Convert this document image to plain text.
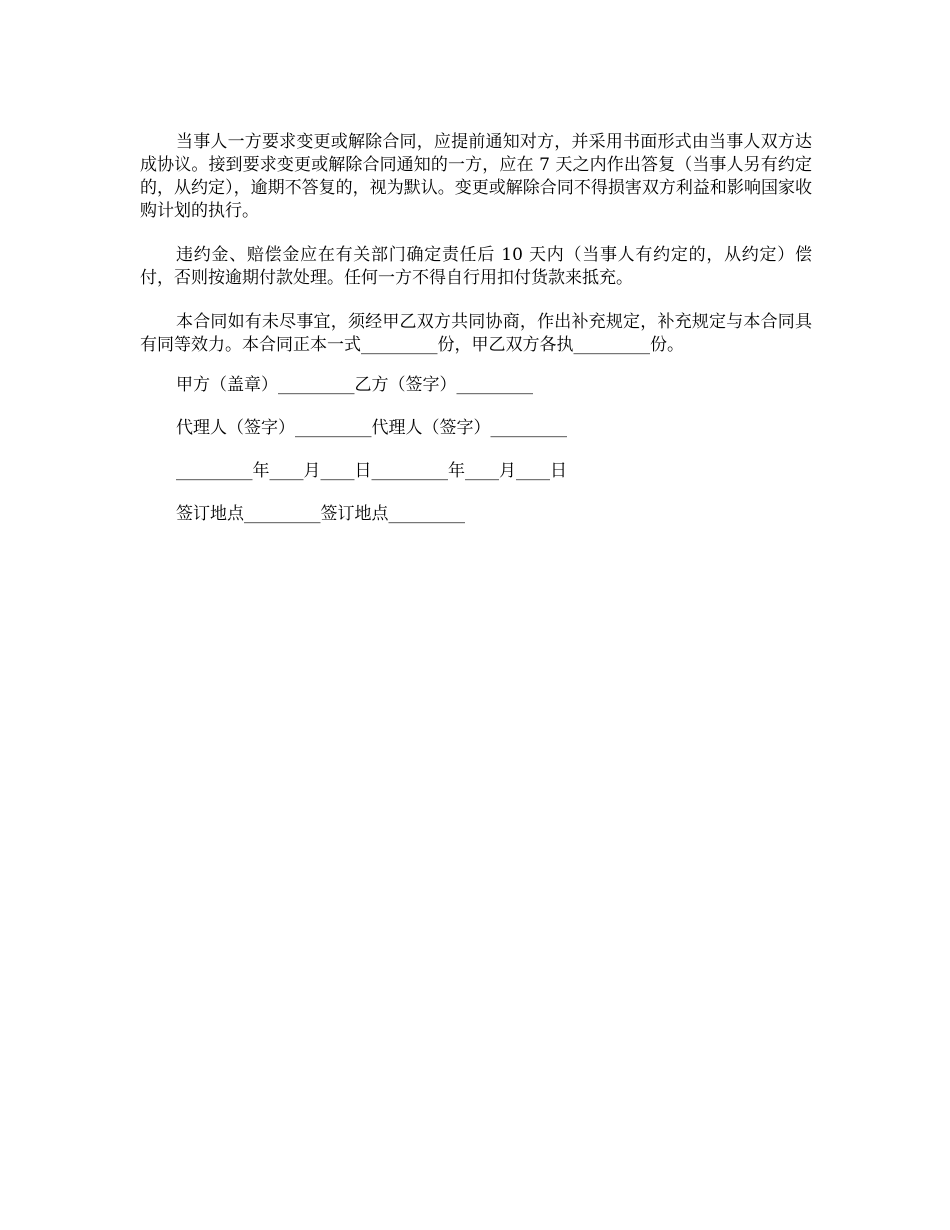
当事人一方要求变更或解除合同，应提前通知对方，并采用书面形式由当事人双方达成协议。接到要求变更或解除合同通知的一方，应在 7 天之内作出答复（当事人另有约定的，从约定），逾期不答复的，视为默认。变更或解除合同不得损害双方利益和影响国家收购计划的执行。

违约金、赔偿金应在有关部门确定责任后 10 天内（当事人有约定的，从约定）偿付，否则按逾期付款处理。任何一方不得自行用扣付货款来抵充。

本合同如有未尽事宜，须经甲乙双方共同协商，作出补充规定，补充规定与本合同具有同等效力。本合同正本一式_________份，甲乙双方各执_________份。

甲方（盖章）_________乙方（签字）_________

代理人（签字）_________代理人（签字）_________

_________年____月____日_________年____月____日

签订地点_________签订地点_________
